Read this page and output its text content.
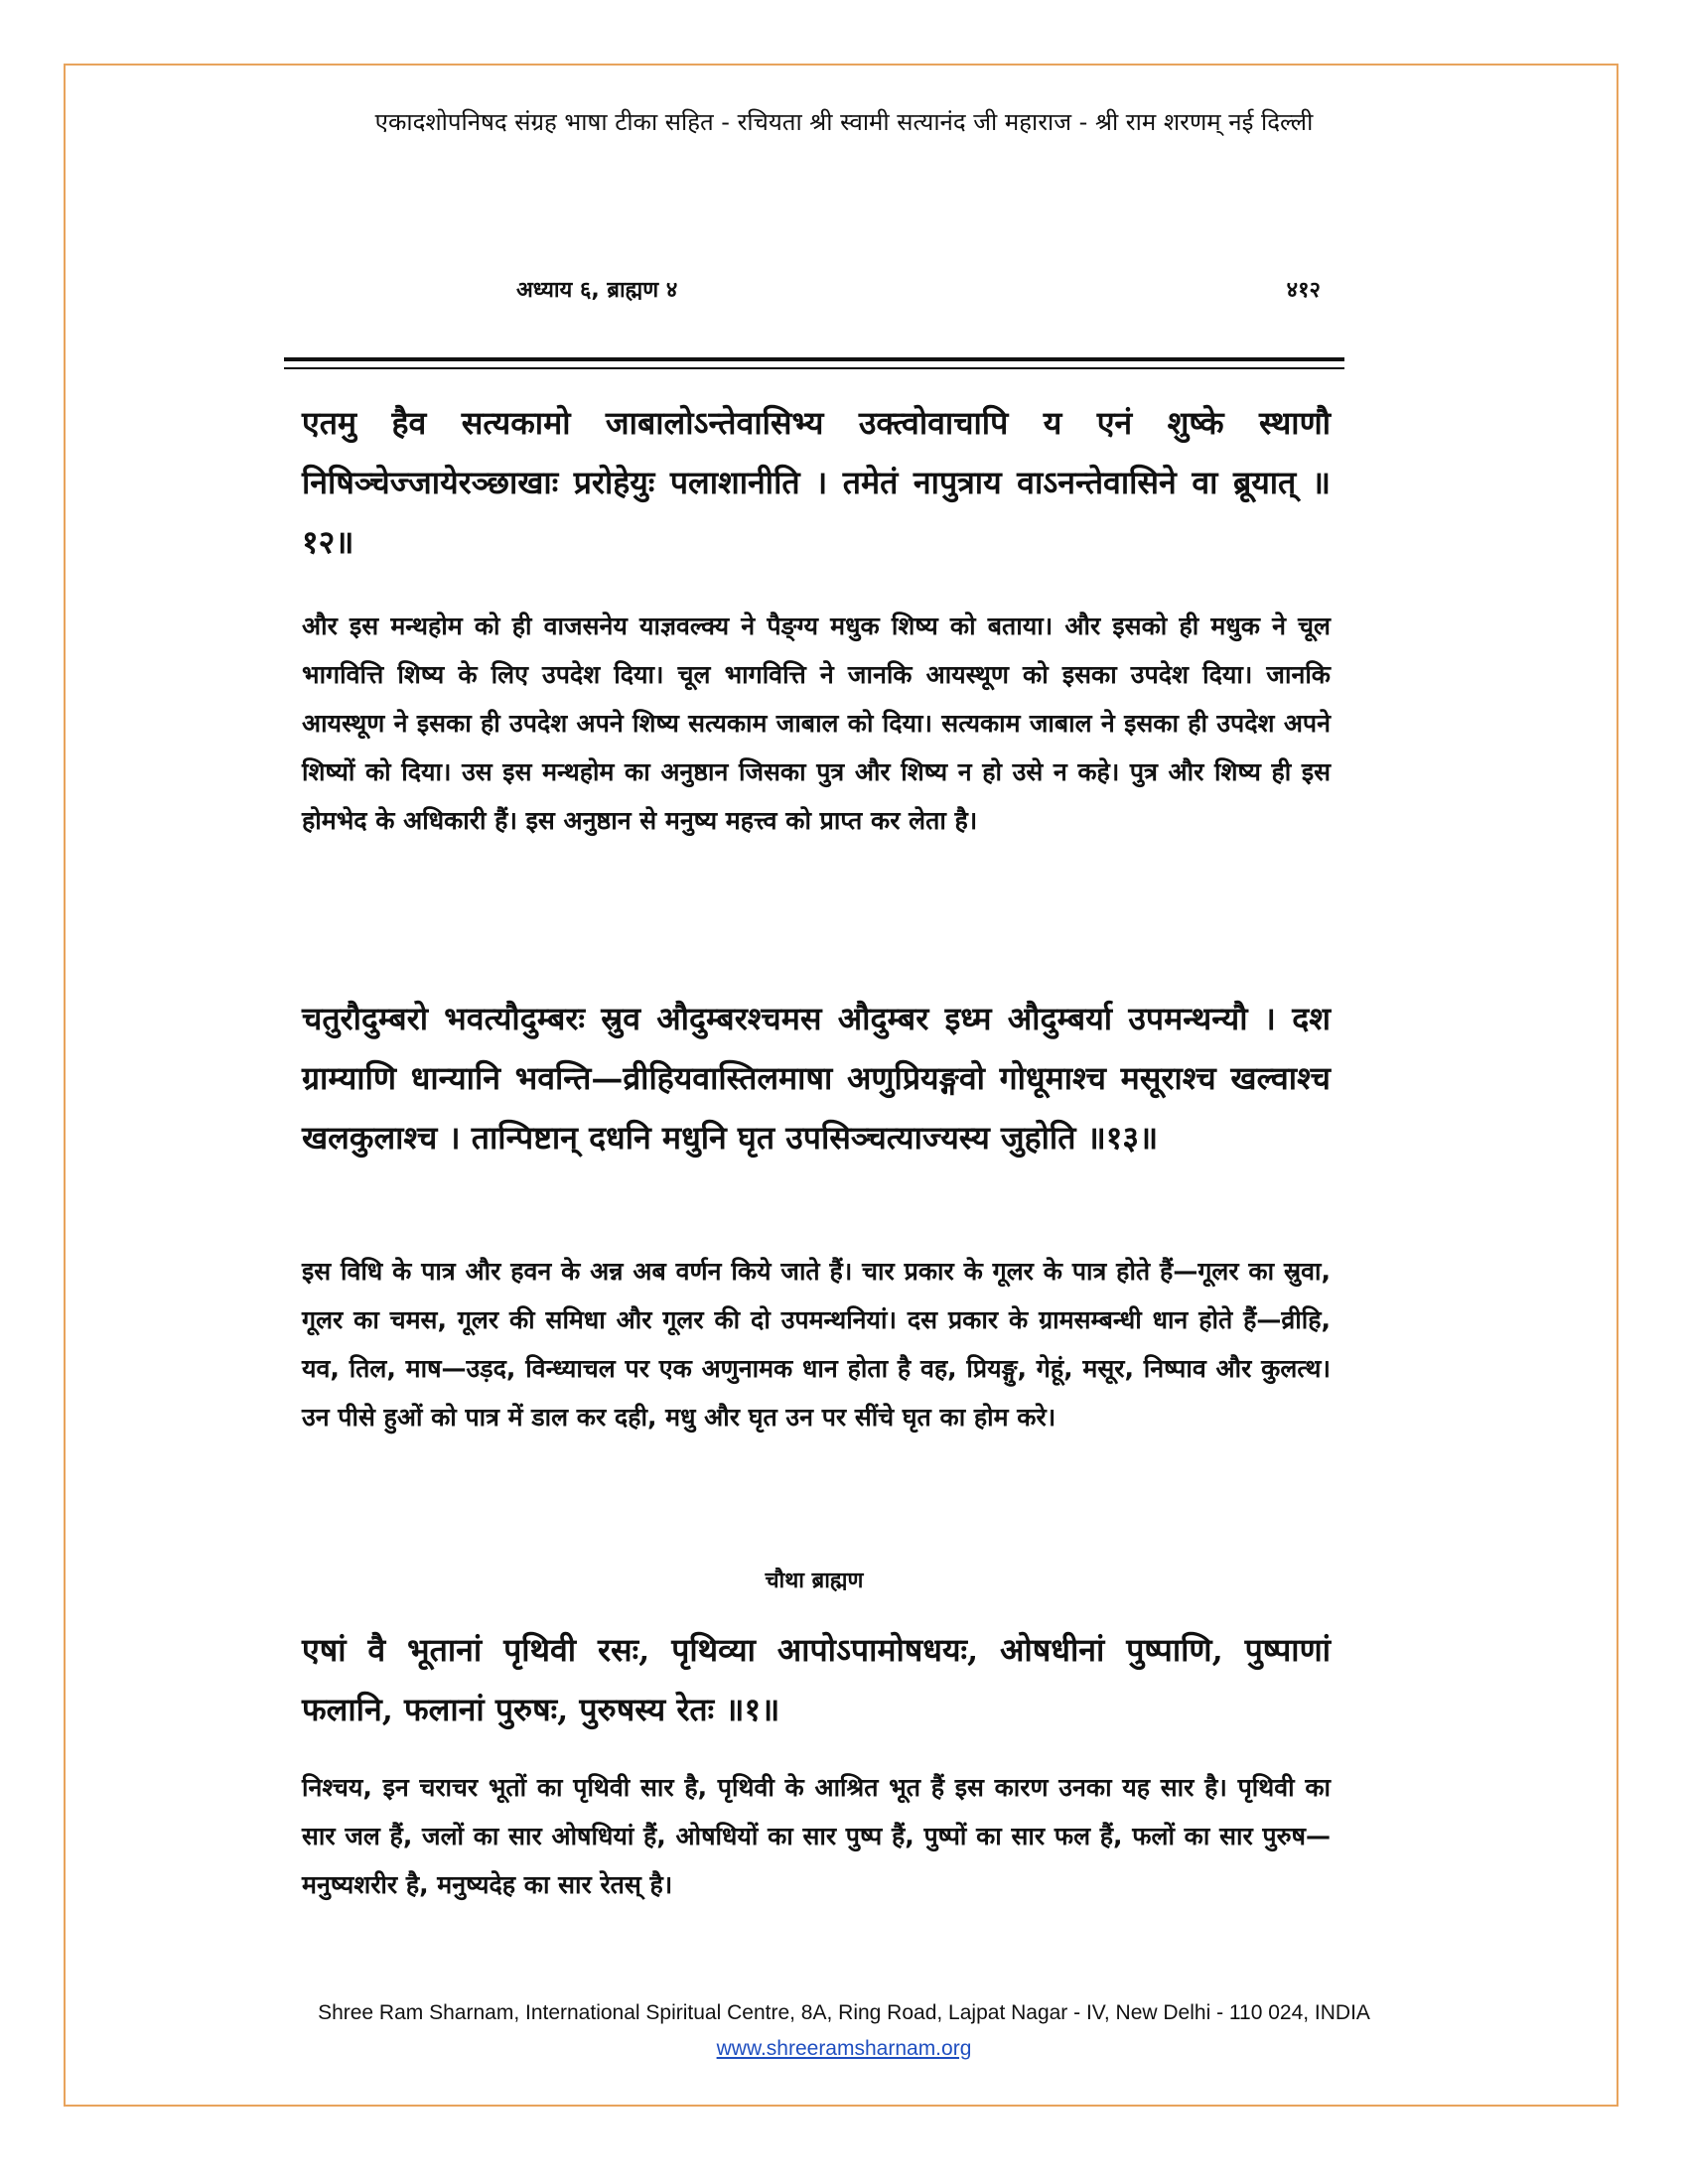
एकादशोपनिषद संग्रह भाषा टीका सहित - रचियता श्री स्वामी सत्यानंद जी महाराज - श्री राम शरणम् नई दिल्ली
अध्याय ६, ब्राह्मण ४	४१२

एतमु हैव सत्यकामो जाबालोऽन्तेवासिभ्य उक्त्वोवाचापि य एनं शुष्के स्थाणौ निषिञ्चेज्जायेरञ्छाखाः प्ररोहेयुः पलाशानीति । तमेतं नापुत्राय वाऽनन्तेवासिने वा ब्रूयात् ॥१२॥

और इस मन्थहोम को ही वाजसनेय याज्ञवल्क्य ने पैङ्ग्य मधुक शिष्य को बताया। और इसको ही मधुक ने चूल भागवित्ति शिष्य के लिए उपदेश दिया। चूल भागवित्ति ने जानकि आयस्थूण को इसका उपदेश दिया। जानकि आयस्थूण ने इसका ही उपदेश अपने शिष्य सत्यकाम जाबाल को दिया। सत्यकाम जाबाल ने इसका ही उपदेश अपने शिष्यों को दिया। उस इस मन्थहोम का अनुष्ठान जिसका पुत्र और शिष्य न हो उसे न कहे। पुत्र और शिष्य ही इस होमभेद के अधिकारी हैं। इस अनुष्ठान से मनुष्य महत्त्व को प्राप्त कर लेता है।

चतुरौदुम्बरो भवत्यौदुम्बरः स्रुव औदुम्बरश्चमस औदुम्बर इध्म औदुम्बर्या उपमन्थन्यौ । दश ग्राम्याणि धान्यानि भवन्ति—व्रीहियवास्तिलमाषा अणुप्रियङ्गवो गोधूमाश्च मसूराश्च खल्वाश्च खलकुलाश्च । तान्पिष्टान् दधनि मधुनि घृत उपसिञ्चत्याज्यस्य जुहोति ॥१३॥

इस विधि के पात्र और हवन के अन्न अब वर्णन किये जाते हैं। चार प्रकार के गूलर के पात्र होते हैं—गूलर का स्रुवा, गूलर का चमस, गूलर की समिधा और गूलर की दो उपमन्थनियां। दस प्रकार के ग्रामसम्बन्धी धान होते हैं—व्रीहि, यव, तिल, माष—उड़द, विन्ध्याचल पर एक अणुनामक धान होता है वह, प्रियङ्गु, गेहूं, मसूर, निष्पाव और कुलत्थ। उन पीसे हुओं को पात्र में डाल कर दही, मधु और घृत उन पर सींचे घृत का होम करे।

चौथा ब्राह्मण

एषां वै भूतानां पृथिवी रसः, पृथिव्या आपोऽपामोषधयः, ओषधीनां पुष्पाणि, पुष्पाणां फलानि, फलानां पुरुषः, पुरुषस्य रेतः ॥१॥

निश्चय, इन चराचर भूतों का पृथिवी सार है, पृथिवी के आश्रित भूत हैं इस कारण उनका यह सार है। पृथिवी का सार जल हैं, जलों का सार ओषधियां हैं, ओषधियों का सार पुष्प हैं, पुष्पों का सार फल हैं, फलों का सार पुरुष—मनुष्यशरीर है, मनुष्यदेह का सार रेतस् है।

Shree Ram Sharnam, International Spiritual Centre, 8A, Ring Road, Lajpat Nagar - IV, New Delhi - 110 024, INDIA
www.shreeramsharnam.org
